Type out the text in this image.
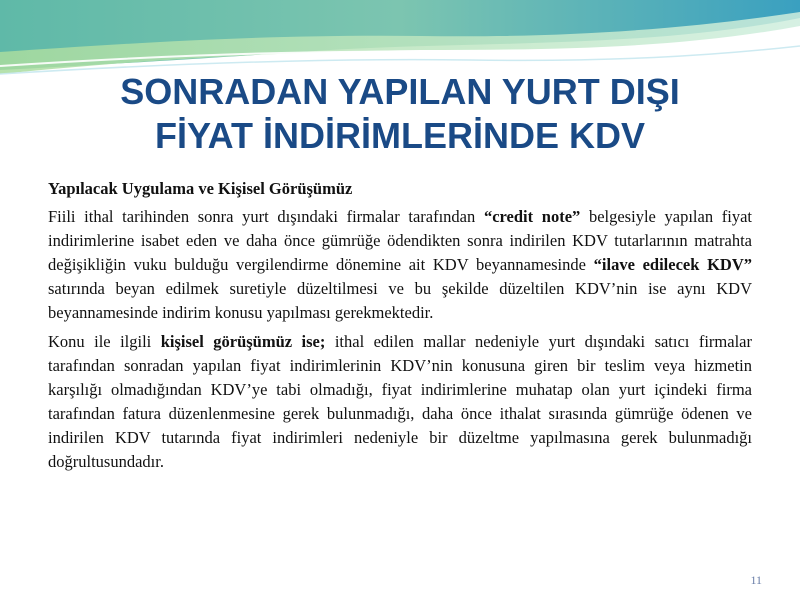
SONRADAN YAPILAN YURT DIŞI
FİYAT İNDİRİMLERİNDE KDV

Yapılacak Uygulama ve Kişisel Görüşümüz

Fiili ithal tarihinden sonra yurt dışındaki firmalar tarafından “credit note” belgesiyle yapılan fiyat indirimlerine isabet eden ve daha önce gümrüğe ödendikten sonra indirilen KDV tutarlarının matrahta değişikliğin vuku bulduğu vergilendirme dönemine ait KDV beyannamesinde “ilave edilecek KDV” satırında beyan edilmek suretiyle düzeltilmesi ve bu şekilde düzeltilen KDV’nin ise aynı KDV beyannamesinde indirim konusu yapılması gerekmektedir.

Konu ile ilgili kişisel görüşümüz ise; ithal edilen mallar nedeniyle yurt dışındaki satıcı firmalar tarafından sonradan yapılan fiyat indirimlerinin KDV’nin konusuna giren bir teslim veya hizmetin karşılığı olmadığından KDV’ye tabi olmadığı, fiyat indirimlerine muhatap olan yurt içindeki firma tarafından fatura düzenlenmesine gerek bulunmadığı, daha önce ithalat sırasında gümrüğe ödenen ve indirilen KDV tutarında fiyat indirimleri nedeniyle bir düzeltme yapılmasına gerek bulunmadığı doğrultusundadır.

11
